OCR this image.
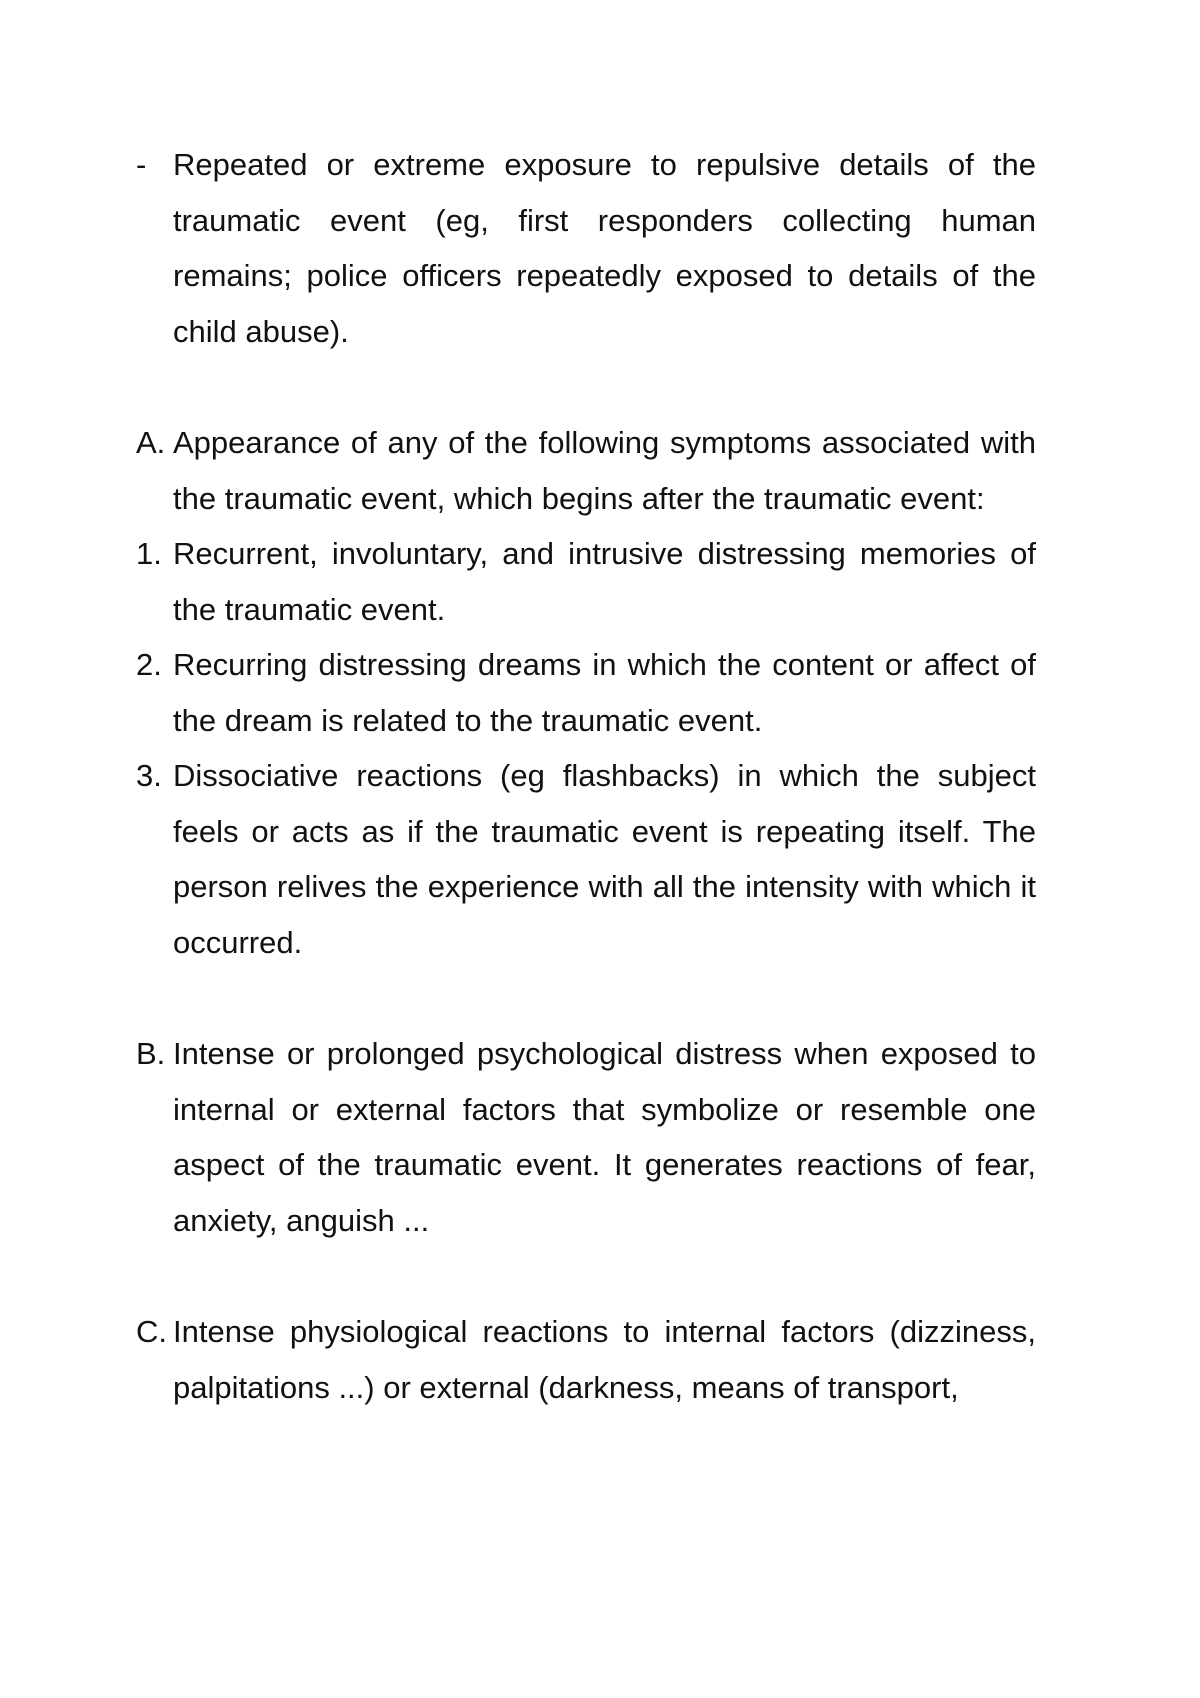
- Repeated or extreme exposure to repulsive details of the traumatic event (eg, first responders collecting human remains; police officers repeatedly exposed to details of the child abuse).
A. Appearance of any of the following symptoms associated with the traumatic event, which begins after the traumatic event:
1. Recurrent, involuntary, and intrusive distressing memories of the traumatic event.
2. Recurring distressing dreams in which the content or affect of the dream is related to the traumatic event.
3. Dissociative reactions (eg flashbacks) in which the subject feels or acts as if the traumatic event is repeating itself. The person relives the experience with all the intensity with which it occurred.
B. Intense or prolonged psychological distress when exposed to internal or external factors that symbolize or resemble one aspect of the traumatic event. It generates reactions of fear, anxiety, anguish ...
C. Intense physiological reactions to internal factors (dizziness, palpitations ...) or external (darkness, means of transport,
